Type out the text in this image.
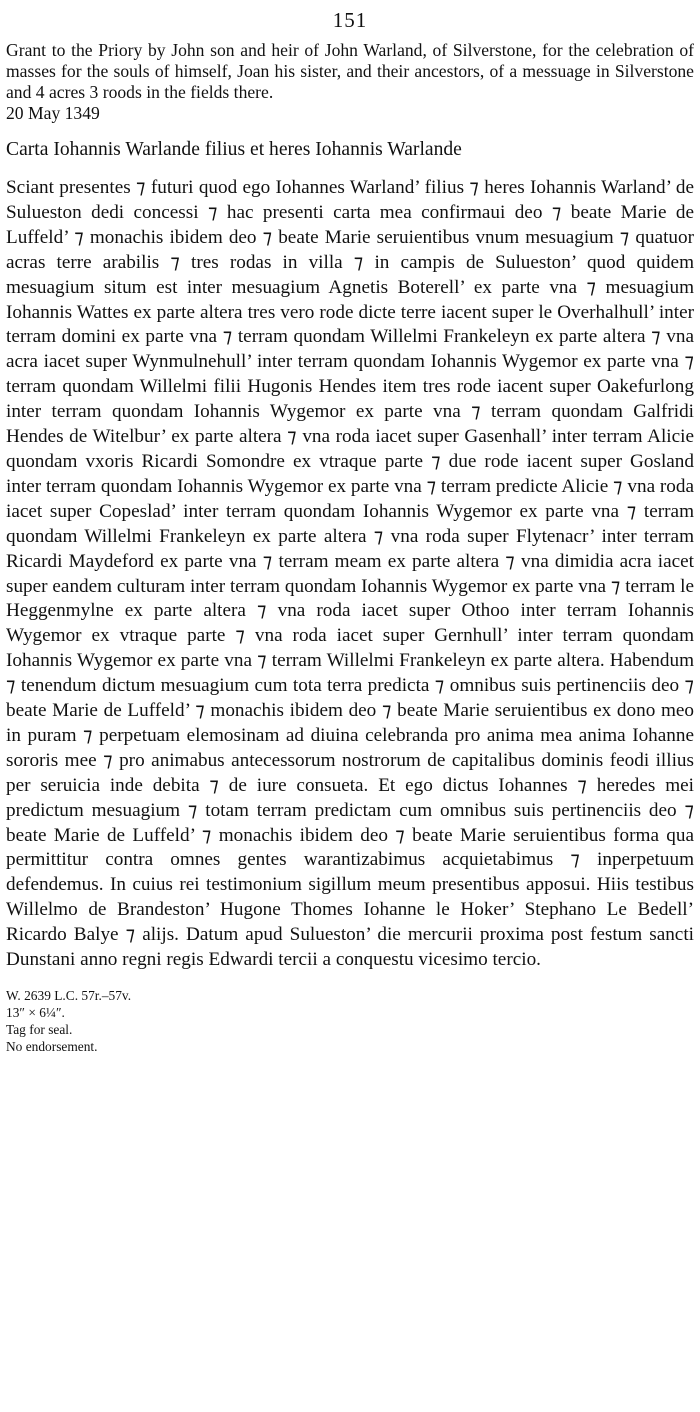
151

Grant to the Priory by John son and heir of John Warland, of Silverstone, for the celebration of masses for the souls of himself, Joan his sister, and their ancestors, of a messuage in Silverstone and 4 acres 3 roods in the fields there.

20 May 1349

Carta Iohannis Warlande filius et heres Iohannis Warlande

Sciant presentes ⁊ futuri quod ego Iohannes Warland’ filius ⁊ heres Iohannis Warland’ de Sulueston dedi concessi ⁊ hac presenti carta mea confirmaui deo ⁊ beate Marie de Luffeld’ ⁊ monachis ibidem deo ⁊ beate Marie seruientibus vnum mesuagium ⁊ quatuor acras terre arabilis ⁊ tres rodas in villa ⁊ in campis de Sulueston’ quod quidem mesuagium situm est inter mesuagium Agnetis Boterell’ ex parte vna ⁊ mesuagium Iohannis Wattes ex parte altera tres vero rode dicte terre iacent super le Overhalhull’ inter terram domini ex parte vna ⁊ terram quondam Willelmi Frankeleyn ex parte altera ⁊ vna acra iacet super Wynmulnehull’ inter terram quondam Iohannis Wygemor ex parte vna ⁊ terram quondam Willelmi filii Hugonis Hendes item tres rode iacent super Oakefurlong inter terram quondam Iohannis Wygemor ex parte vna ⁊ terram quondam Galfridi Hendes de Witelbur’ ex parte altera ⁊ vna roda iacet super Gasenhall’ inter terram Alicie quondam vxoris Ricardi Somondre ex vtraque parte ⁊ due rode iacent super Gosland inter terram quondam Iohannis Wygemor ex parte vna ⁊ terram predicte Alicie ⁊ vna roda iacet super Copeslad’ inter terram quondam Iohannis Wygemor ex parte vna ⁊ terram quondam Willelmi Frankeleyn ex parte altera ⁊ vna roda super Flytenacr’ inter terram Ricardi Maydeford ex parte vna ⁊ terram meam ex parte altera ⁊ vna dimidia acra iacet super eandem culturam inter terram quondam Iohannis Wygemor ex parte vna ⁊ terram le Heggenmylne ex parte altera ⁊ vna roda iacet super Othoo inter terram Iohannis Wygemor ex vtraque parte ⁊ vna roda iacet super Gernhull’ inter terram quondam Iohannis Wygemor ex parte vna ⁊ terram Willelmi Frankeleyn ex parte altera. Habendum ⁊ tenendum dictum mesuagium cum tota terra predicta ⁊ omnibus suis pertinenciis deo ⁊ beate Marie de Luffeld’ ⁊ monachis ibidem deo ⁊ beate Marie seruientibus ex dono meo in puram ⁊ perpetuam elemosinam ad diuina celebranda pro anima mea anima Iohanne sororis mee ⁊ pro animabus antecessorum nostrorum de capitalibus dominis feodi illius per seruicia inde debita ⁊ de iure consueta. Et ego dictus Iohannes ⁊ heredes mei predictum mesuagium ⁊ totam terram predictam cum omnibus suis pertinenciis deo ⁊ beate Marie de Luffeld’ ⁊ monachis ibidem deo ⁊ beate Marie seruientibus forma qua permittitur contra omnes gentes warantizabimus acquietabimus ⁊ inperpetuum defendemus. In cuius rei testimonium sigillum meum presentibus apposui. Hiis testibus Willelmo de Brandeston’ Hugone Thomes Iohanne le Hoker’ Stephano Le Bedell’ Ricardo Balye ⁊ alijs. Datum apud Sulueston’ die mercurii proxima post festum sancti Dunstani anno regni regis Edwardi tercii a conquestu vicesimo tercio.

W. 2639 L.C. 57r.–57v.
13″ × 6¼″.
Tag for seal.
No endorsement.
